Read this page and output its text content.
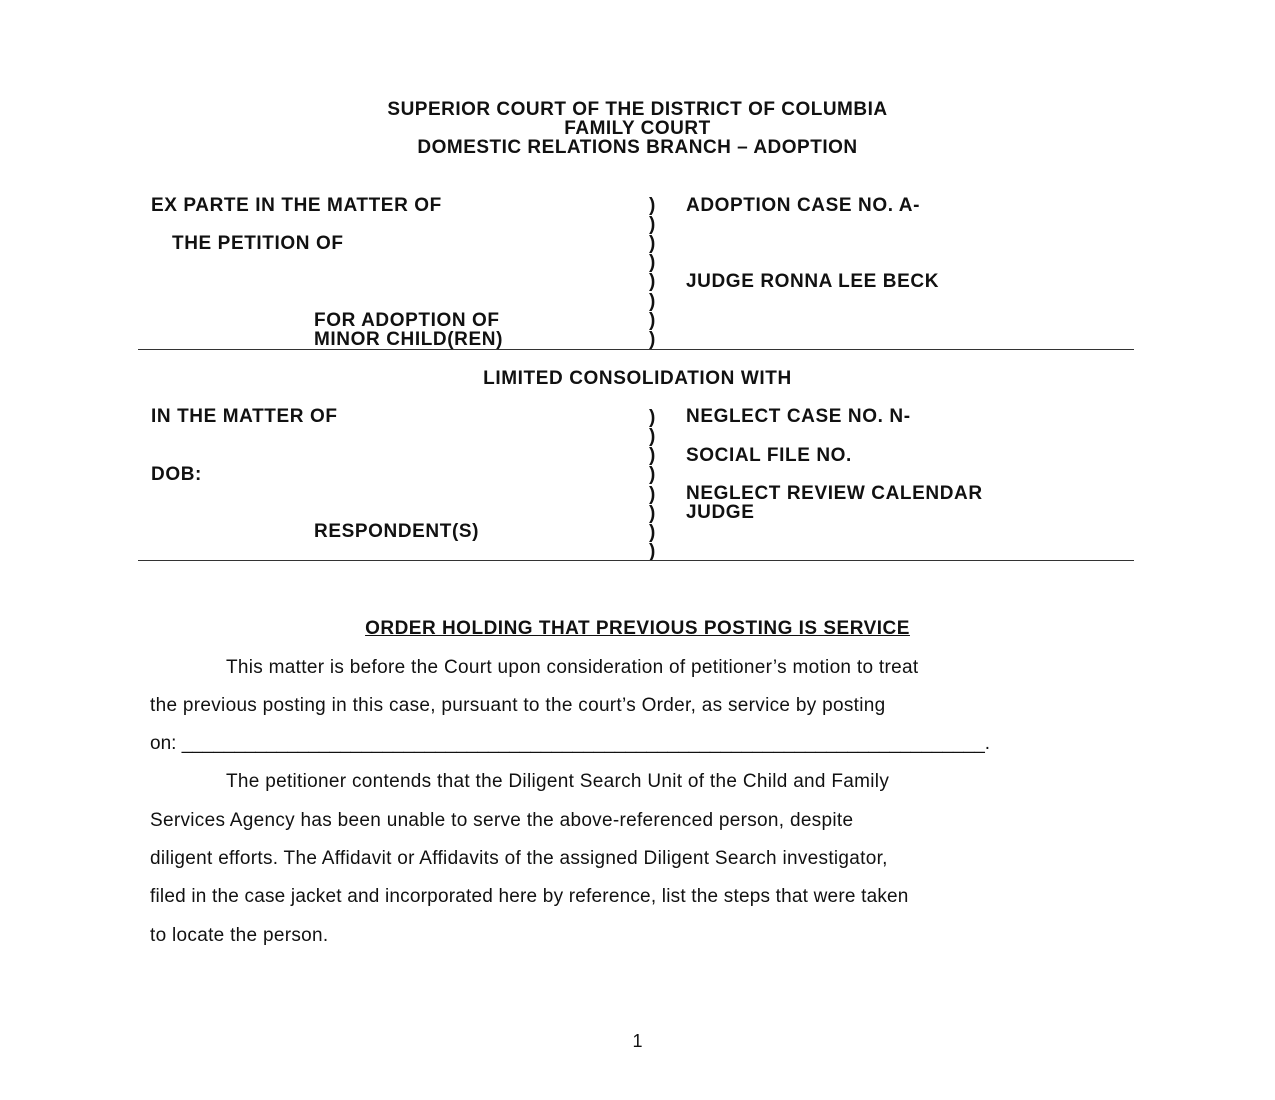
SUPERIOR COURT OF THE DISTRICT OF COLUMBIA
FAMILY COURT
DOMESTIC RELATIONS BRANCH – ADOPTION
EX PARTE IN THE MATTER OF
THE PETITION OF
FOR ADOPTION OF
MINOR CHILD(REN)
)
)
)
)
)
)
)
)
ADOPTION CASE NO. A-
JUDGE RONNA LEE BECK
LIMITED CONSOLIDATION WITH
IN THE MATTER OF
DOB:
RESPONDENT(S)
)
)
)
)
)
)
)
)
NEGLECT CASE NO. N-
SOCIAL FILE NO.
NEGLECT REVIEW CALENDAR
JUDGE
ORDER HOLDING THAT PREVIOUS POSTING IS SERVICE
This matter is before the Court upon consideration of petitioner’s motion to treat
the previous posting in this case, pursuant to the court’s Order, as service by posting
on: ____________________________________________________________________________.
The petitioner contends that the Diligent Search Unit of the Child and Family
Services Agency has been unable to serve the above-referenced person, despite
diligent efforts. The Affidavit or Affidavits of the assigned Diligent Search investigator,
filed in the case jacket and incorporated here by reference, list the steps that were taken
to locate the person.
1
